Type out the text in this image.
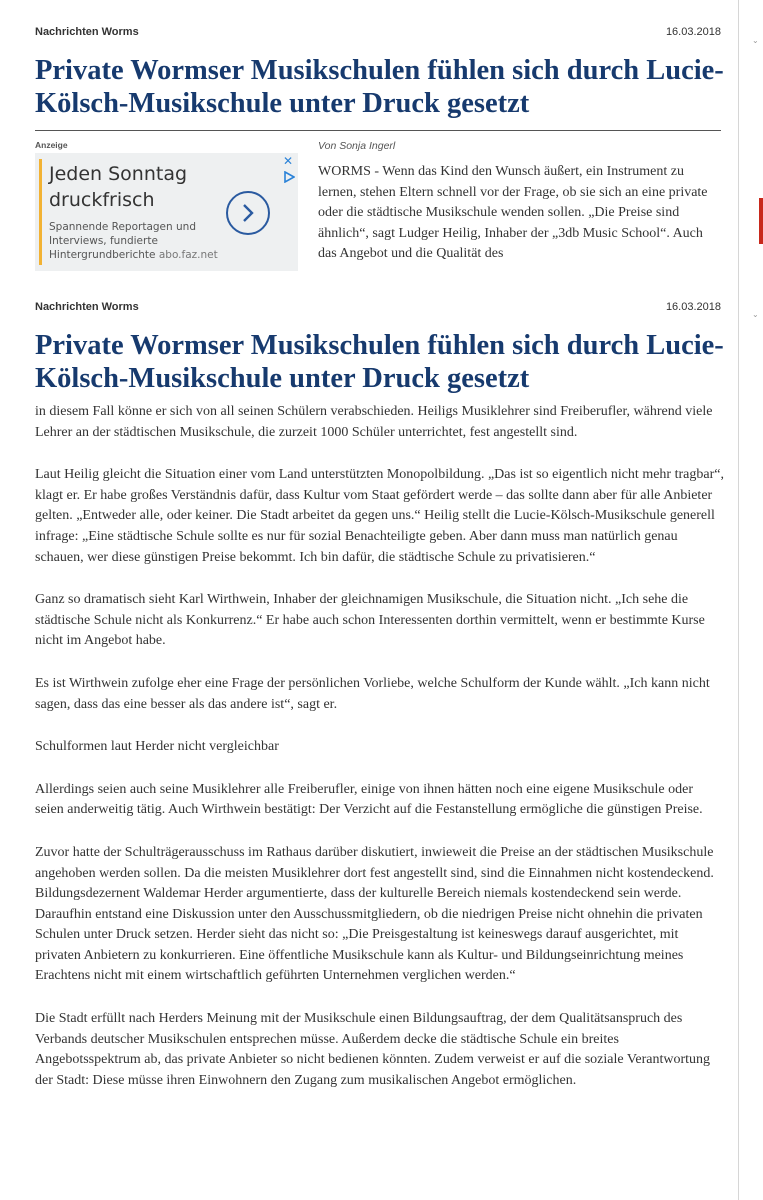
Nachrichten Worms	16.03.2018
Private Wormser Musikschulen fühlen sich durch Lucie-Kölsch-Musikschule unter Druck gesetzt
Anzeige
Jeden Sonntag druckfrisch
Spannende Reportagen und Interviews, fundierte Hintergrundberichte abo.faz.net
✕
Von Sonja Ingerl
WORMS - Wenn das Kind den Wunsch äußert, ein Instrument zu lernen, stehen Eltern schnell vor der Frage, ob sie sich an eine private oder die städtische Musikschule wenden sollen. „Die Preise sind ähnlich“, sagt Ludger Heilig, Inhaber der „3db Music School“. Auch das Angebot und die Qualität des
Nachrichten Worms	16.03.2018
Private Wormser Musikschulen fühlen sich durch Lucie-Kölsch-Musikschule unter Druck gesetzt

in diesem Fall könne er sich von all seinen Schülern verabschieden. Heiligs Musiklehrer sind Freiberufler, während viele Lehrer an der städtischen Musikschule, die zurzeit 1000 Schüler unterrichtet, fest angestellt sind.

Laut Heilig gleicht die Situation einer vom Land unterstützten Monopolbildung. „Das ist so eigentlich nicht mehr tragbar“, klagt er. Er habe großes Verständnis dafür, dass Kultur vom Staat gefördert werde – das sollte dann aber für alle Anbieter gelten. „Entweder alle, oder keiner. Die Stadt arbeitet da gegen uns.“ Heilig stellt die Lucie-Kölsch-Musikschule generell infrage: „Eine städtische Schule sollte es nur für sozial Benachteiligte geben. Aber dann muss man natürlich genau schauen, wer diese günstigen Preise bekommt. Ich bin dafür, die städtische Schule zu privatisieren.“

Ganz so dramatisch sieht Karl Wirthwein, Inhaber der gleichnamigen Musikschule, die Situation nicht. „Ich sehe die städtische Schule nicht als Konkurrenz.“ Er habe auch schon Interessenten dorthin vermittelt, wenn er bestimmte Kurse nicht im Angebot habe.

Es ist Wirthwein zufolge eher eine Frage der persönlichen Vorliebe, welche Schulform der Kunde wählt. „Ich kann nicht sagen, dass das eine besser als das andere ist“, sagt er.

Schulformen laut Herder nicht vergleichbar

Allerdings seien auch seine Musiklehrer alle Freiberufler, einige von ihnen hätten noch eine eigene Musikschule oder seien anderweitig tätig. Auch Wirthwein bestätigt: Der Verzicht auf die Festanstellung ermögliche die günstigen Preise.

Zuvor hatte der Schulträgerausschuss im Rathaus darüber diskutiert, inwieweit die Preise an der städtischen Musikschule angehoben werden sollen. Da die meisten Musiklehrer dort fest angestellt sind, sind die Einnahmen nicht kostendeckend. Bildungsdezernent Waldemar Herder argumentierte, dass der kulturelle Bereich niemals kostendeckend sein werde. Daraufhin entstand eine Diskussion unter den Ausschussmitgliedern, ob die niedrigen Preise nicht ohnehin die privaten Schulen unter Druck setzen. Herder sieht das nicht so: „Die Preisgestaltung ist keineswegs darauf ausgerichtet, mit privaten Anbietern zu konkurrieren. Eine öffentliche Musikschule kann als Kultur- und Bildungseinrichtung meines Erachtens nicht mit einem wirtschaftlich geführten Unternehmen verglichen werden.“

Die Stadt erfüllt nach Herders Meinung mit der Musikschule einen Bildungsauftrag, der dem Qualitätsanspruch des Verbands deutscher Musikschulen entsprechen müsse. Außerdem decke die städtische Schule ein breites Angebotsspektrum ab, das private Anbieter so nicht bedienen könnten. Zudem verweist er auf die soziale Verantwortung der Stadt: Diese müsse ihren Einwohnern den Zugang zum musikalischen Angebot ermöglichen.

⌄
⌄
